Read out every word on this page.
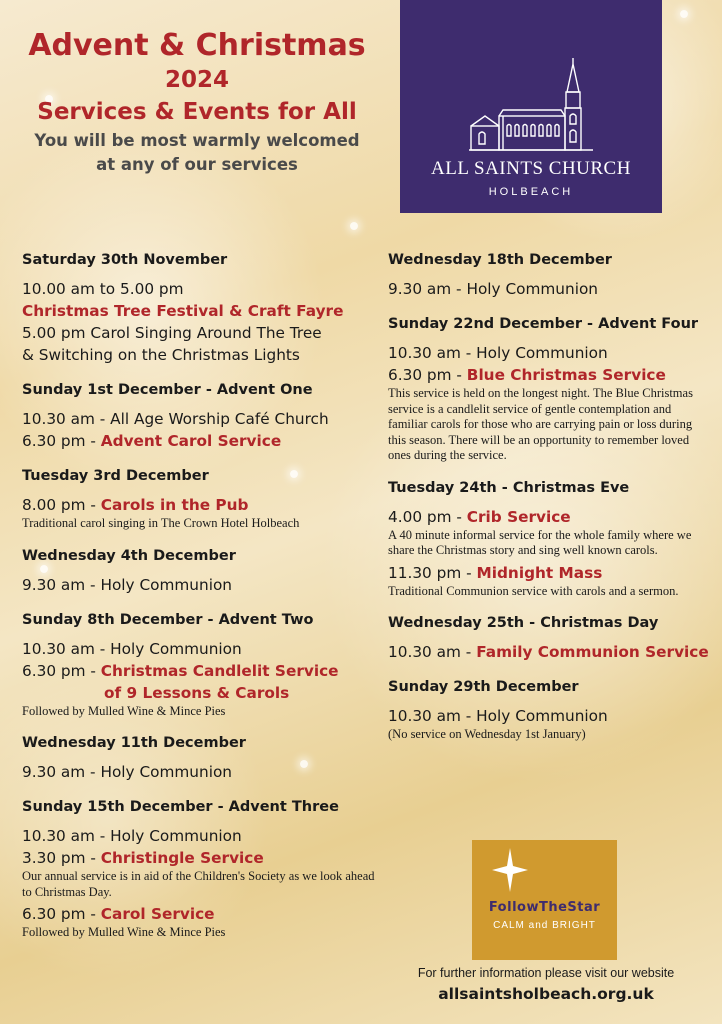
Advent & Christmas
2024
Services & Events for All
You will be most warmly welcomed
at any of our services	ALL SAINTS CHURCH
HOLBEACH
Saturday 30th November
10.00 am to 5.00 pm
Christmas Tree Festival & Craft Fayre
5.00 pm Carol Singing Around The Tree
& Switching on the Christmas Lights
Sunday 1st December - Advent One
10.30 am - All Age Worship Café Church
6.30 pm - Advent Carol Service
Tuesday 3rd December
8.00 pm - Carols in the Pub
Traditional carol singing in The Crown Hotel Holbeach
Wednesday 4th December
9.30 am - Holy Communion
Sunday 8th December - Advent Two
10.30 am - Holy Communion
6.30 pm - Christmas Candlelit Service
of 9 Lessons & Carols
Followed by Mulled Wine & Mince Pies
Wednesday 11th December
9.30 am - Holy Communion
Sunday 15th December - Advent Three
10.30 am - Holy Communion
3.30 pm - Christingle Service
Our annual service is in aid of the Children's Society as we look ahead to Christmas Day.
6.30 pm - Carol Service
Followed by Mulled Wine & Mince Pies
Wednesday 18th December
9.30 am - Holy Communion
Sunday 22nd December - Advent Four
10.30 am - Holy Communion
6.30 pm - Blue Christmas Service
This service is held on the longest night. The Blue Christmas service is a candlelit service of gentle contemplation and familiar carols for those who are carrying pain or loss during this season. There will be an opportunity to remember loved ones during the service.
Tuesday 24th - Christmas Eve
4.00 pm - Crib Service
A 40 minute informal service for the whole family where we share the Christmas story and sing well known carols.
11.30 pm - Midnight Mass
Traditional Communion service with carols and a sermon.
Wednesday 25th - Christmas Day
10.30 am - Family Communion Service
Sunday 29th December
10.30 am - Holy Communion
(No service on Wednesday 1st January)
FollowTheStar
CALM and BRIGHT
For further information please visit our website
allsaintsholbeach.org.uk
